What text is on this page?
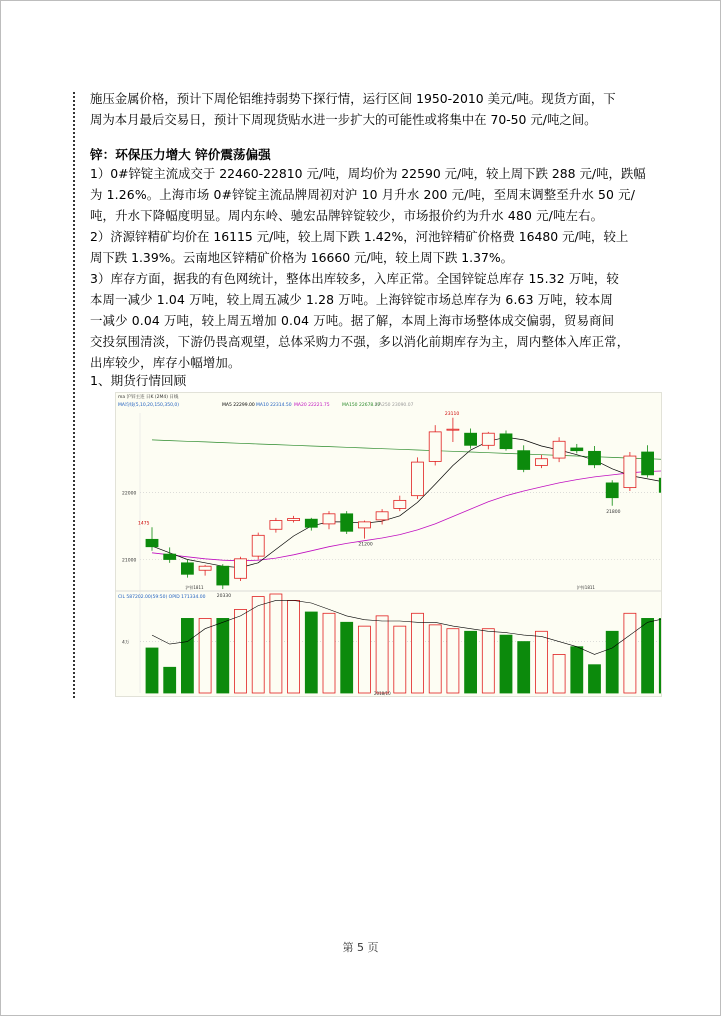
施压金属价格，预计下周伦铝维持弱势下探行情，运行区间 1950-2010 美元/吨。现货方面，下

周为本月最后交易日，预计下周现货贴水进一步扩大的可能性或将集中在 70-50 元/吨之间。

锌：环保压力增大 锌价震荡偏强

1）0#锌锭主流成交于 22460-22810 元/吨，周均价为 22590 元/吨，较上周下跌 288 元/吨，跌幅

为 1.26%。上海市场 0#锌锭主流品牌周初对沪 10 月升水 200 元/吨，至周末调整至升水 50 元/

吨，升水下降幅度明显。周内东岭、驰宏品牌锌锭较少，市场报价约为升水 480 元/吨左右。

2）济源锌精矿均价在 16115 元/吨，较上周下跌 1.42%，河池锌精矿价格费 16480 元/吨，较上

周下跌 1.39%。云南地区锌精矿价格为 16660 元/吨，较上周下跌 1.37%。

3）库存方面，据我的有色网统计，整体出库较多，入库正常。全国锌锭总库存 15.32 万吨，较

本周一减少 1.04 万吨，较上周五减少 1.28 万吨。上海锌锭市场总库存为 6.63 万吨，较本周

一减少 0.04 万吨，较上周五增加 0.04 万吨。据了解，本周上海市场整体成交偏弱，贸易商间

交投氛围清淡，下游仍畏高观望，总体采购力不强，多以消化前期库存为主，周内整体入库正常，

出库较少，库存小幅增加。

1、期货行情回顾

ma 沪锌主连 日K (2M4) 日线
MA均线(5,10,20,150,350,0)	MA5 22299.00 MA10 22314.50 MA20 22221.75	MA150 22678.27
MA250 23090.07
22000
21000
1475
23110
21800
21200
20330
沪锌1811	沪锌1811
CIL 587202.00(59:50) OPID 171334.00
4万
2018/10
第 5 页
